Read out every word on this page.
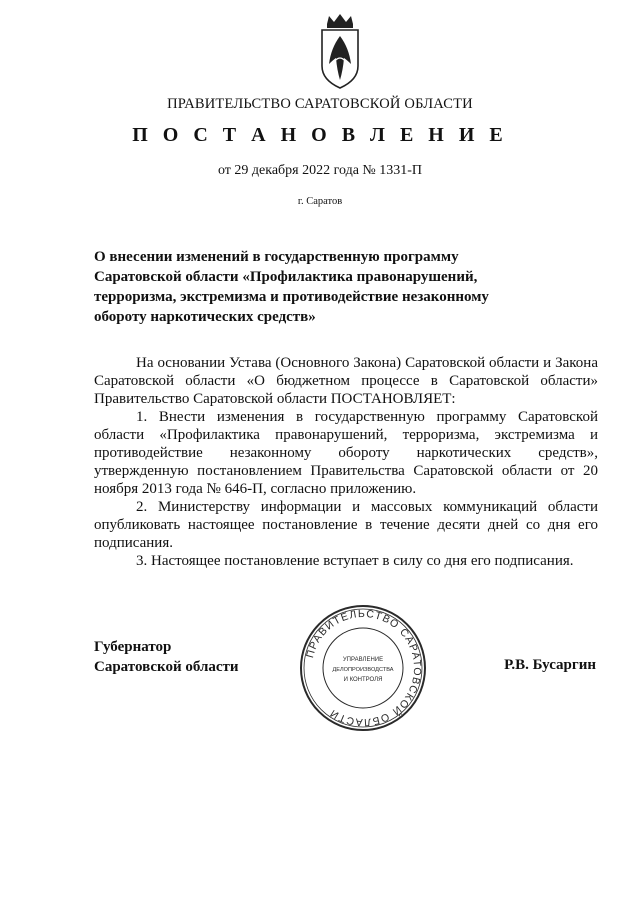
ПРАВИТЕЛЬСТВО САРАТОВСКОЙ ОБЛАСТИ
П О С Т А Н О В Л Е Н И Е
от 29 декабря 2022 года № 1331-П
г. Саратов
О внесении изменений в государственную программу Саратовской области «Профилактика правонарушений, терроризма, экстремизма и противодействие незаконному обороту наркотических средств»

На основании Устава (Основного Закона) Саратовской области и Закона Саратовской области «О бюджетном процессе в Саратовской области» Правительство Саратовской области ПОСТАНОВЛЯЕТ:

1. Внести изменения в государственную программу Саратовской области «Профилактика правонарушений, терроризма, экстремизма и противодействие незаконному обороту наркотических средств», утвержденную постановлением Правительства Саратовской области от 20 ноября 2013 года № 646-П, согласно приложению.

2. Министерству информации и массовых коммуникаций области опубликовать настоящее постановление в течение десяти дней со дня его подписания.

3. Настоящее постановление вступает в силу со дня его подписания.

Губернатор
Саратовской области
ПРАВИТЕЛЬСТВО САРАТОВСКОЙ ОБЛАСТИ
УПРАВЛЕНИЕ
ДЕЛОПРОИЗВОДСТВА
И КОНТРОЛЯ
Р.В. Бусаргин
